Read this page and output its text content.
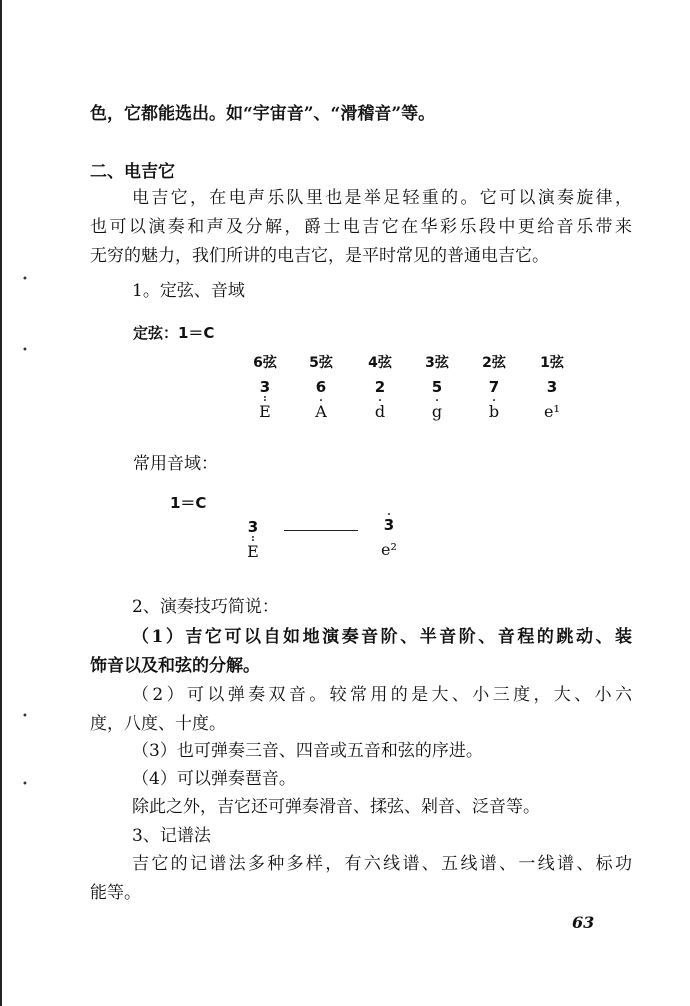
色，它都能选出。如“宇宙音”、“滑稽音”等。
二、电吉它
电吉它，在电声乐队里也是举足轻重的。它可以演奏旋律，
也可以演奏和声及分解，爵士电吉它在华彩乐段中更给音乐带来
无穷的魅力，我们所讲的电吉它，是平时常见的普通电吉它。
1。定弦、音域
定弦：1＝C
6弦
3
:
E
5弦
6
.
A
4弦
2
.
d
3弦
5
.
g
2弦
7
.
b
1弦
3

e¹
常用音域：
1＝C
3
:
E
.
3

e²
2、演奏技巧简说：
（1）吉它可以自如地演奏音阶、半音阶、音程的跳动、装
饰音以及和弦的分解。
（2）可以弹奏双音。较常用的是大、小三度，大、小六
度，八度、十度。
（3）也可弹奏三音、四音或五音和弦的序进。
（4）可以弹奏琶音。
除此之外，吉它还可弹奏滑音、揉弦、剁音、泛音等。
3、记谱法
吉它的记谱法多种多样，有六线谱、五线谱、一线谱、标功
能等。
63
•
•
•
•
